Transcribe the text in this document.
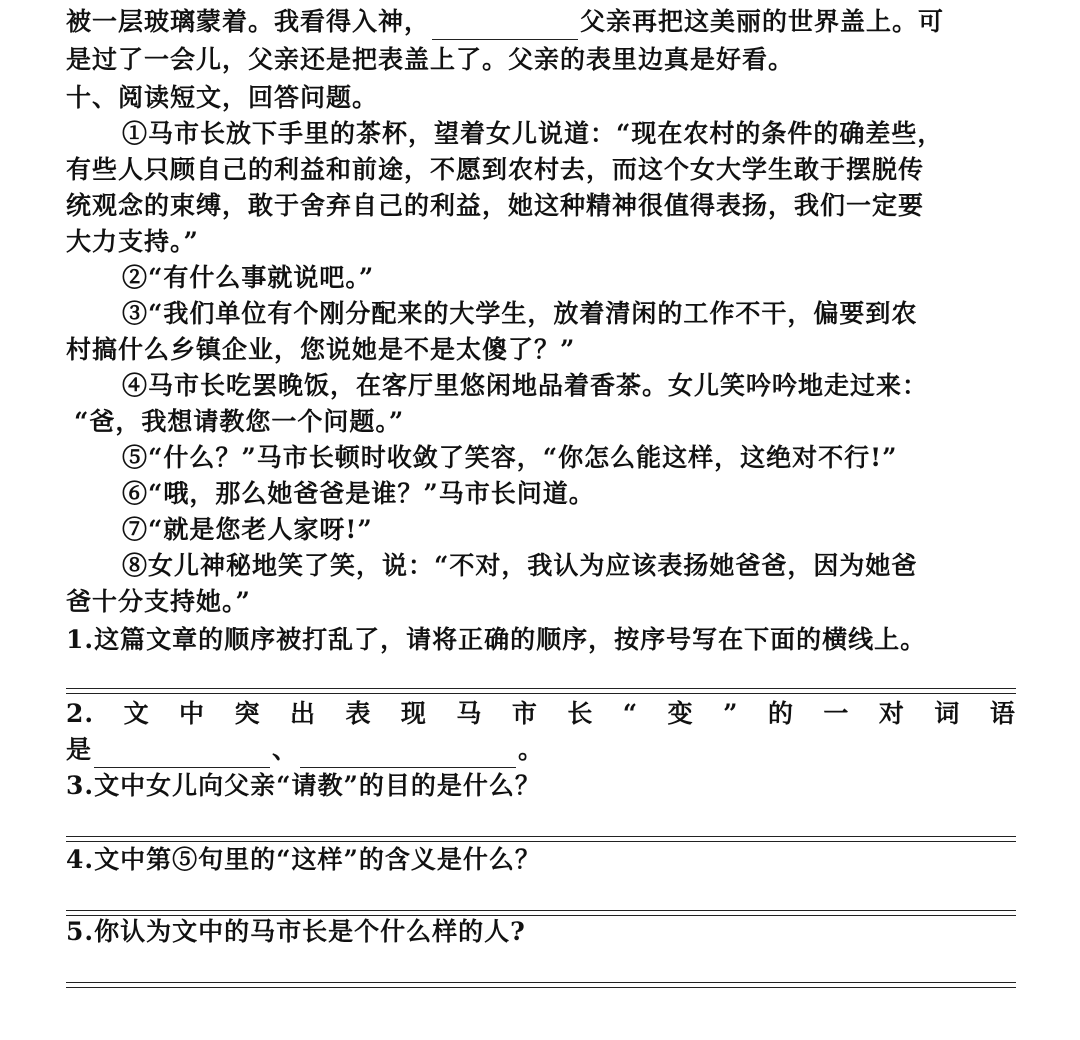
被一层玻璃蒙着。我看得入神，	父亲再把这美丽的世界盖上。可
是过了一会儿，父亲还是把表盖上了。父亲的表里边真是好看。
十、阅读短文，回答问题。
①马市长放下手里的茶杯，望着女儿说道：“现在农村的条件的确差些，
有些人只顾自己的利益和前途，不愿到农村去，而这个女大学生敢于摆脱传
统观念的束缚，敢于舍弃自己的利益，她这种精神很值得表扬，我们一定要
大力支持。”
②“有什么事就说吧。”
③“我们单位有个刚分配来的大学生，放着清闲的工作不干，偏要到农
村搞什么乡镇企业，您说她是不是太傻了？”
④马市长吃罢晚饭，在客厅里悠闲地品着香茶。女儿笑吟吟地走过来：
“爸，我想请教您一个问题。”
⑤“什么？”马市长顿时收敛了笑容，“你怎么能这样，这绝对不行!”
⑥“哦，那么她爸爸是谁？”马市长问道。
⑦“就是您老人家呀!”
⑧女儿神秘地笑了笑，说：“不对，我认为应该表扬她爸爸，因为她爸
爸十分支持她。”
1.这篇文章的顺序被打乱了，请将正确的顺序，按序号写在下面的横线上。
2. 文 中 突 出 表 现 马 市 长 “ 变 ” 的 一 对 词 语
是	、	。
3.文中女儿向父亲“请教”的目的是什么？
4.文中第⑤句里的“这样”的含义是什么？
5.你认为文中的马市长是个什么样的人?
